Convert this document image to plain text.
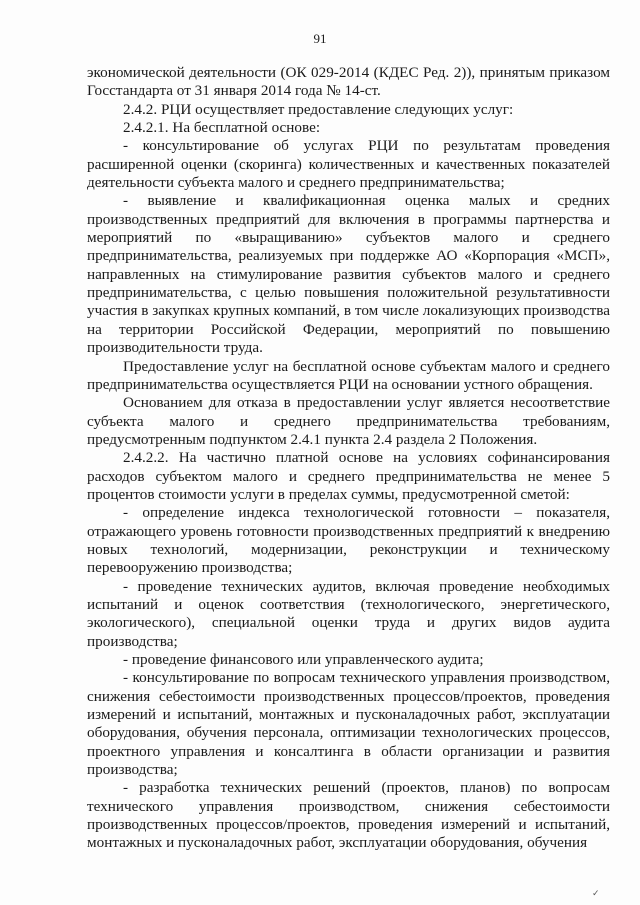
91

экономической деятельности (ОК 029-2014 (КДЕС Ред. 2)), принятым приказом Госстандарта от 31 января 2014 года № 14-ст.

2.4.2. РЦИ осуществляет предоставление следующих услуг:

2.4.2.1. На бесплатной основе:

- консультирование об услугах РЦИ по результатам проведения расширенной оценки (скоринга) количественных и качественных показателей деятельности субъекта малого и среднего предпринимательства;

- выявление и квалификационная оценка малых и средних производственных предприятий для включения в программы партнерства и мероприятий по «выращиванию» субъектов малого и среднего предпринимательства, реализуемых при поддержке АО «Корпорация «МСП», направленных на стимулирование развития субъектов малого и среднего предпринимательства, с целью повышения положительной результативности участия в закупках крупных компаний, в том числе локализующих производства на территории Российской Федерации, мероприятий по повышению производительности труда.

Предоставление услуг на бесплатной основе субъектам малого и среднего предпринимательства осуществляется РЦИ на основании устного обращения.

Основанием для отказа в предоставлении услуг является несоответствие субъекта малого и среднего предпринимательства требованиям, предусмотренным подпунктом 2.4.1 пункта 2.4 раздела 2 Положения.

2.4.2.2. На частично платной основе на условиях софинансирования расходов субъектом малого и среднего предпринимательства не менее 5 процентов стоимости услуги в пределах суммы, предусмотренной сметой:

- определение индекса технологической готовности – показателя, отражающего уровень готовности производственных предприятий к внедрению новых технологий, модернизации, реконструкции и техническому перевооружению производства;

- проведение технических аудитов, включая проведение необходимых испытаний и оценок соответствия (технологического, энергетического, экологического), специальной оценки труда и других видов аудита производства;

- проведение финансового или управленческого аудита;

- консультирование по вопросам технического управления производством, снижения себестоимости производственных процессов/проектов, проведения измерений и испытаний, монтажных и пусконаладочных работ, эксплуатации оборудования, обучения персонала, оптимизации технологических процессов, проектного управления и консалтинга в области организации и развития производства;

- разработка технических решений (проектов, планов) по вопросам технического управления производством, снижения себестоимости производственных процессов/проектов, проведения измерений и испытаний, монтажных и пусконаладочных работ, эксплуатации оборудования, обучения

✓
